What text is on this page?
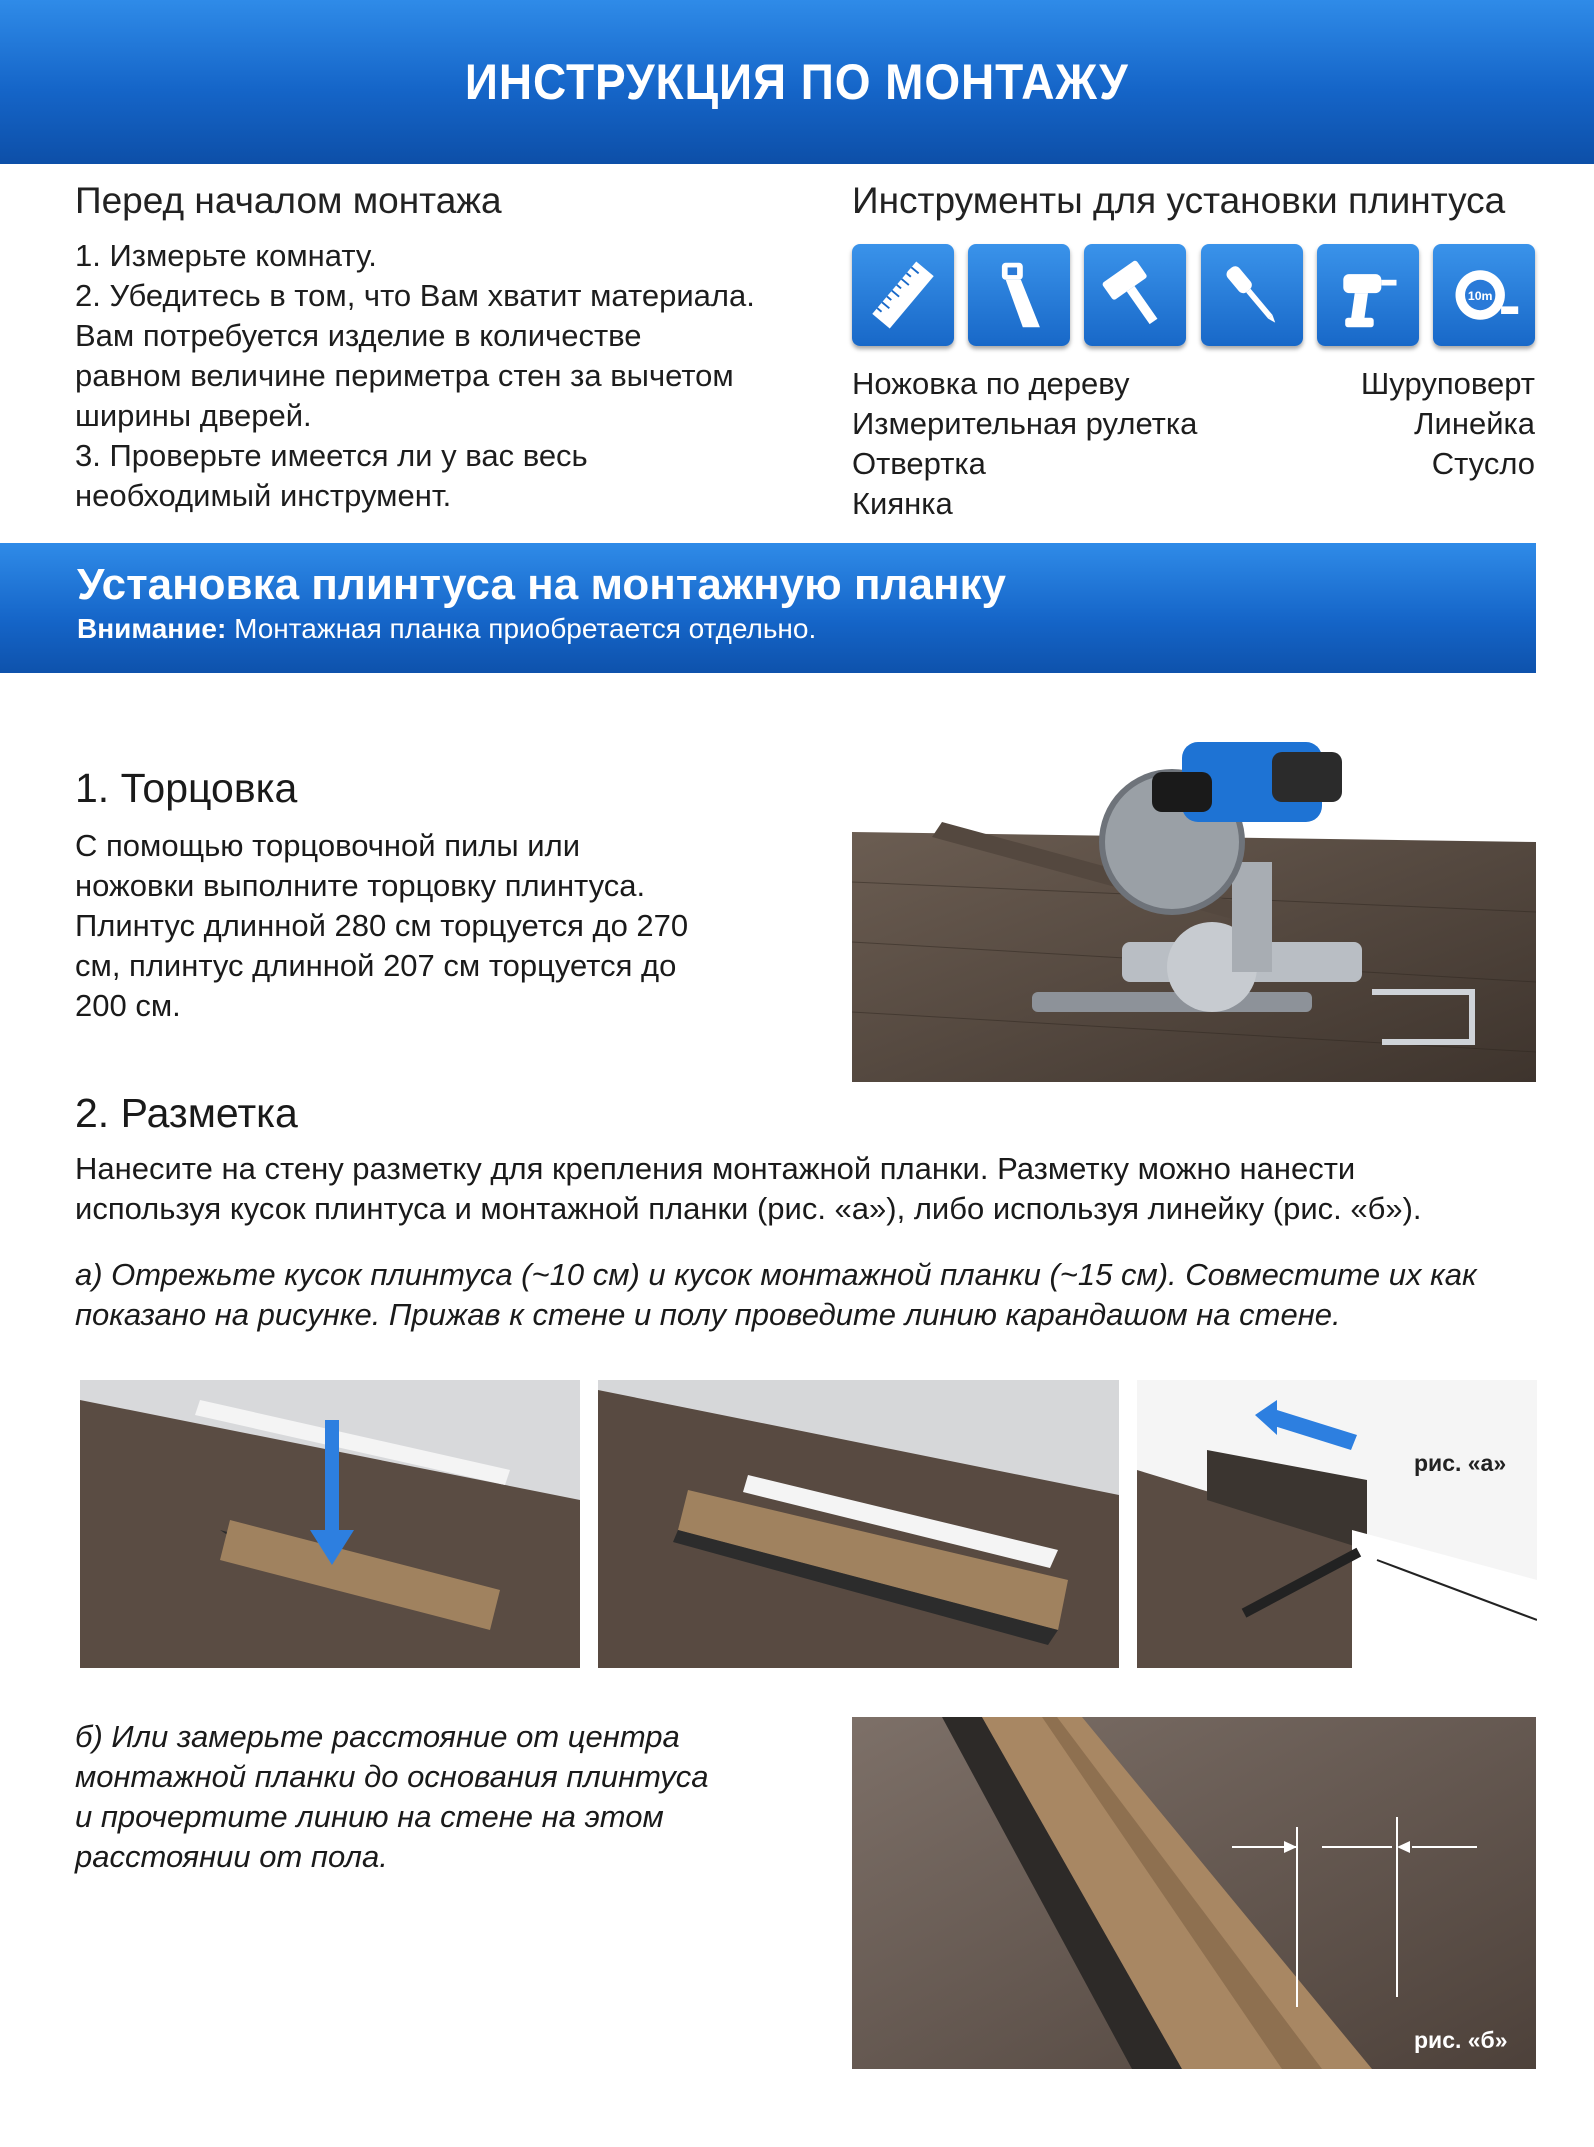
ИНСТРУКЦИЯ ПО МОНТАЖУ
Перед началом монтажа

1. Измерьте комнату.

2. Убедитесь в том, что Вам хватит материала.

Вам потребуется изделие в количестве

равном величине периметра стен за вычетом

ширины дверей.

3. Проверьте имеется ли у вас весь

необходимый инструмент.

Инструменты для установки плинтуса
10m
Ножовка по дереву	Шуруповерт
Измерительная рулетка	Линейка
Отвертка	Стусло
Киянка
Установка плинтуса на монтажную планку
Внимание: Монтажная планка приобретается отдельно.
1. Торцовка

С помощью торцовочной пилы или

ножовки выполните торцовку плинтуса.

Плинтус длинной 280 см торцуется до 270

см, плинтус длинной 207 см торцуется до

200 см.

2. Разметка

Нанесите на стену разметку для крепления монтажной планки. Разметку можно нанести

используя кусок плинтуса и монтажной планки (рис. «а»), либо используя линейку (рис. «б»).

а) Отрежьте кусок плинтуса (~10 см) и кусок монтажной планки (~15 см). Совместите их как

показано на рисунке. Прижав к стене и полу проведите линию карандашом на стене.

рис. «а»

б) Или замерьте расстояние от центра

монтажной планки до основания плинтуса

и прочертите линию на стене на этом

расстоянии от пола.

рис. «б»
